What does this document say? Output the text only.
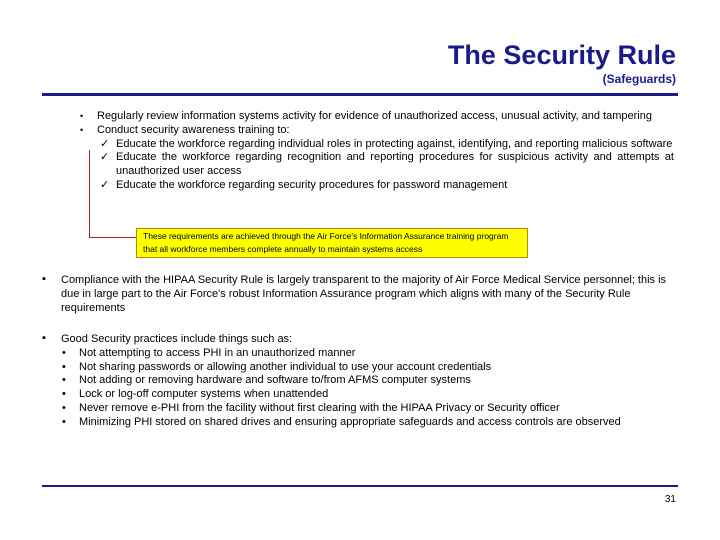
The Security Rule
(Safeguards)
• Regularly review information systems activity for evidence of unauthorized access, unusual activity, and tampering
• Conduct security awareness training to:
✓ Educate the workforce regarding individual roles in protecting against, identifying, and reporting malicious software
✓ Educate the workforce regarding recognition and reporting procedures for suspicious activity and attempts at unauthorized user access
✓ Educate the workforce regarding security procedures for password management
These requirements are achieved through the Air Force's Information Assurance training program that all workforce members complete annually to maintain systems access
▪ Compliance with the HIPAA Security Rule is largely transparent to the majority of Air Force Medical Service personnel; this is due in large part to the Air Force's robust Information Assurance program which aligns with many of the Security Rule requirements
▪ Good Security practices include things such as:
• Not attempting to access PHI in an unauthorized manner
• Not sharing passwords or allowing another individual to use your account credentials
• Not adding or removing hardware and software to/from AFMS computer systems
• Lock or log-off computer systems when unattended
• Never remove e-PHI from the facility without first clearing with the HIPAA Privacy or Security officer
• Minimizing PHI stored on shared drives and ensuring appropriate safeguards and access controls are observed
31
